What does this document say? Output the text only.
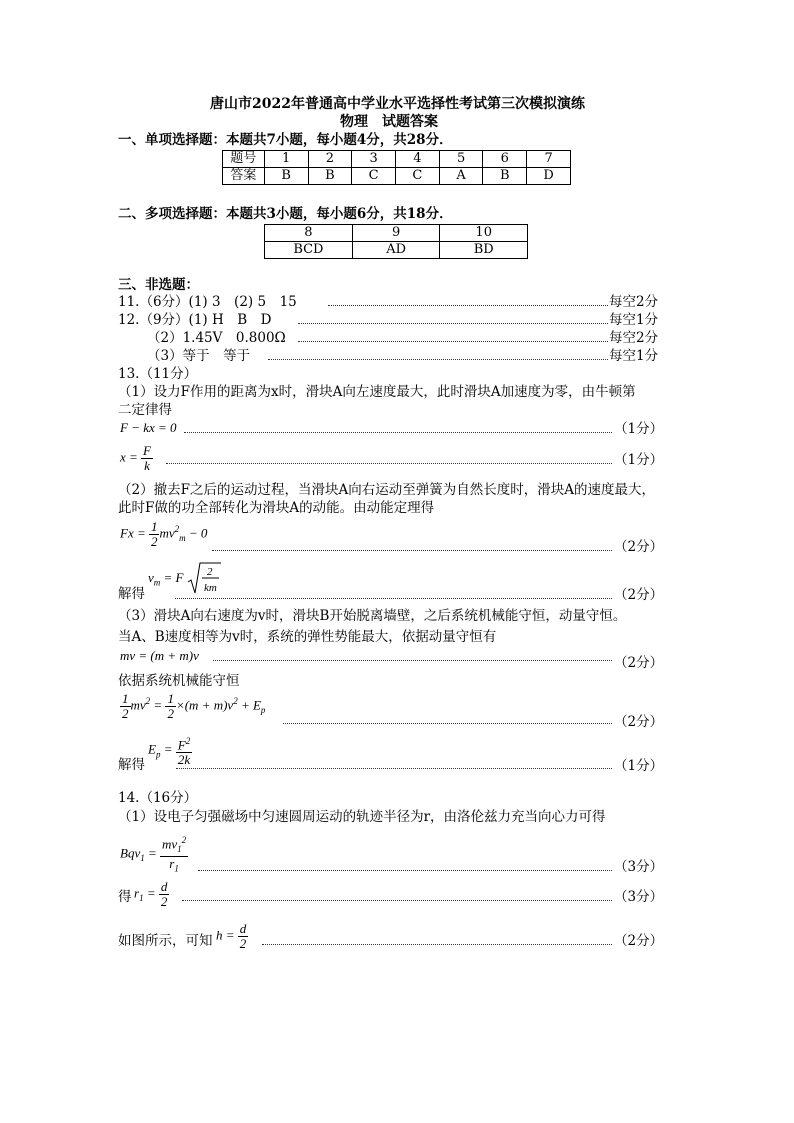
唐山市2022年普通高中学业水平选择性考试第三次模拟演练
物理　试题答案
一、单项选择题：本题共7小题，每小题4分，共28分．
题号	1	2	3	4	5	6	7
答案	B	B	C	C	A	B	D
二、多项选择题：本题共3小题，每小题6分，共18分．
8	9	10
BCD	AD	BD
三、非选题：
11.（6分）(1) 3　(2) 5　15	每空2分
12.（9分）(1) H　B　D	每空1分
（2）1.45V　0.800Ω	每空2分
（3）等于　等于	每空1分
13.（11分）
（1）设力F作用的距离为x时，滑块A向左速度最大，此时滑块A加速度为零，由牛顿第
二定律得
F − kx = 0	（1分）
$x = \frac{F}{k}$	（1分）
（2）撤去F之后的运动过程，当滑块A向右运动至弹簧为自然长度时，滑块A的速度最大，
此时F做的功全部转化为滑块A的动能。由动能定理得
$Fx = \frac{1}{2} mv^2_m - 0$
（2分）
解得
$v_m = F$ 2
km	（2分）
（3）滑块A向右速度为v时，滑块B开始脱离墙壁，之后系统机械能守恒，动量守恒。
当A、B速度相等为v时，系统的弹性势能最大，依据动量守恒有
mv = (m + m)v	（2分）
依据系统机械能守恒
$\frac{1}{2} mv^2 = \frac{1}{2} \times(m + m)v^2 + E_p$
（2分）
解得
$E_p = \frac{F^2}{2k}$	（1分）
14.（16分）
（1）设电子匀强磁场中匀速圆周运动的轨迹半径为r，由洛伦兹力充当向心力可得
$Bqv_1 = \frac{mv_1^2}{r_1}$	（3分）
得 $r_1 = \frac{d}{2}$	（3分）
如图所示，可知 $h = \frac{d}{2}$	（2分）
